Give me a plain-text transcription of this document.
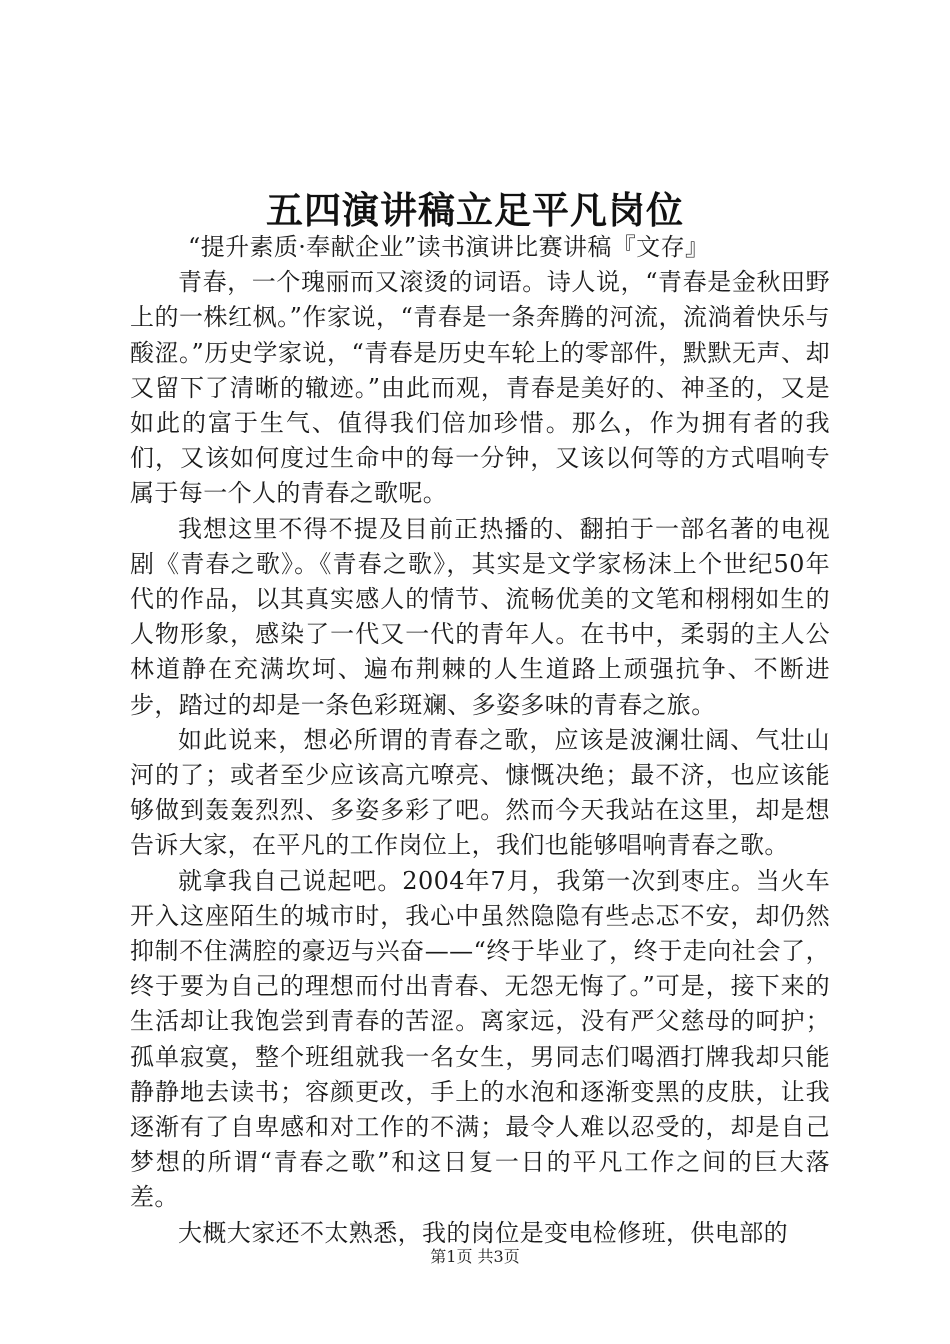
五四演讲稿立足平凡岗位

“提升素质·奉献企业”读书演讲比赛讲稿『文存』

青春，一个瑰丽而又滚烫的词语。诗人说，“青春是金秋田野上的一株红枫。”作家说，“青春是一条奔腾的河流，流淌着快乐与酸涩。”历史学家说，“青春是历史车轮上的零部件，默默无声、却又留下了清晰的辙迹。”由此而观，青春是美好的、神圣的，又是如此的富于生气、值得我们倍加珍惜。那么，作为拥有者的我们，又该如何度过生命中的每一分钟，又该以何等的方式唱响专属于每一个人的青春之歌呢。

我想这里不得不提及目前正热播的、翻拍于一部名著的电视剧《青春之歌》。《青春之歌》，其实是文学家杨沫上个世纪50年代的作品，以其真实感人的情节、流畅优美的文笔和栩栩如生的人物形象，感染了一代又一代的青年人。在书中，柔弱的主人公林道静在充满坎坷、遍布荆棘的人生道路上顽强抗争、不断进步，踏过的却是一条色彩斑斓、多姿多味的青春之旅。

如此说来，想必所谓的青春之歌，应该是波澜壮阔、气壮山河的了；或者至少应该高亢嘹亮、慷慨决绝；最不济，也应该能够做到轰轰烈烈、多姿多彩了吧。然而今天我站在这里，却是想告诉大家，在平凡的工作岗位上，我们也能够唱响青春之歌。

就拿我自己说起吧。2004年7月，我第一次到枣庄。当火车开入这座陌生的城市时，我心中虽然隐隐有些忐忑不安，却仍然抑制不住满腔的豪迈与兴奋——“终于毕业了，终于走向社会了，终于要为自己的理想而付出青春、无怨无悔了。”可是，接下来的生活却让我饱尝到青春的苦涩。离家远，没有严父慈母的呵护；孤单寂寞，整个班组就我一名女生，男同志们喝酒打牌我却只能静静地去读书；容颜更改，手上的水泡和逐渐变黑的皮肤，让我逐渐有了自卑感和对工作的不满；最令人难以忍受的，却是自己梦想的所谓“青春之歌”和这日复一日的平凡工作之间的巨大落差。

大概大家还不太熟悉，我的岗位是变电检修班，供电部的

第1页 共3页
